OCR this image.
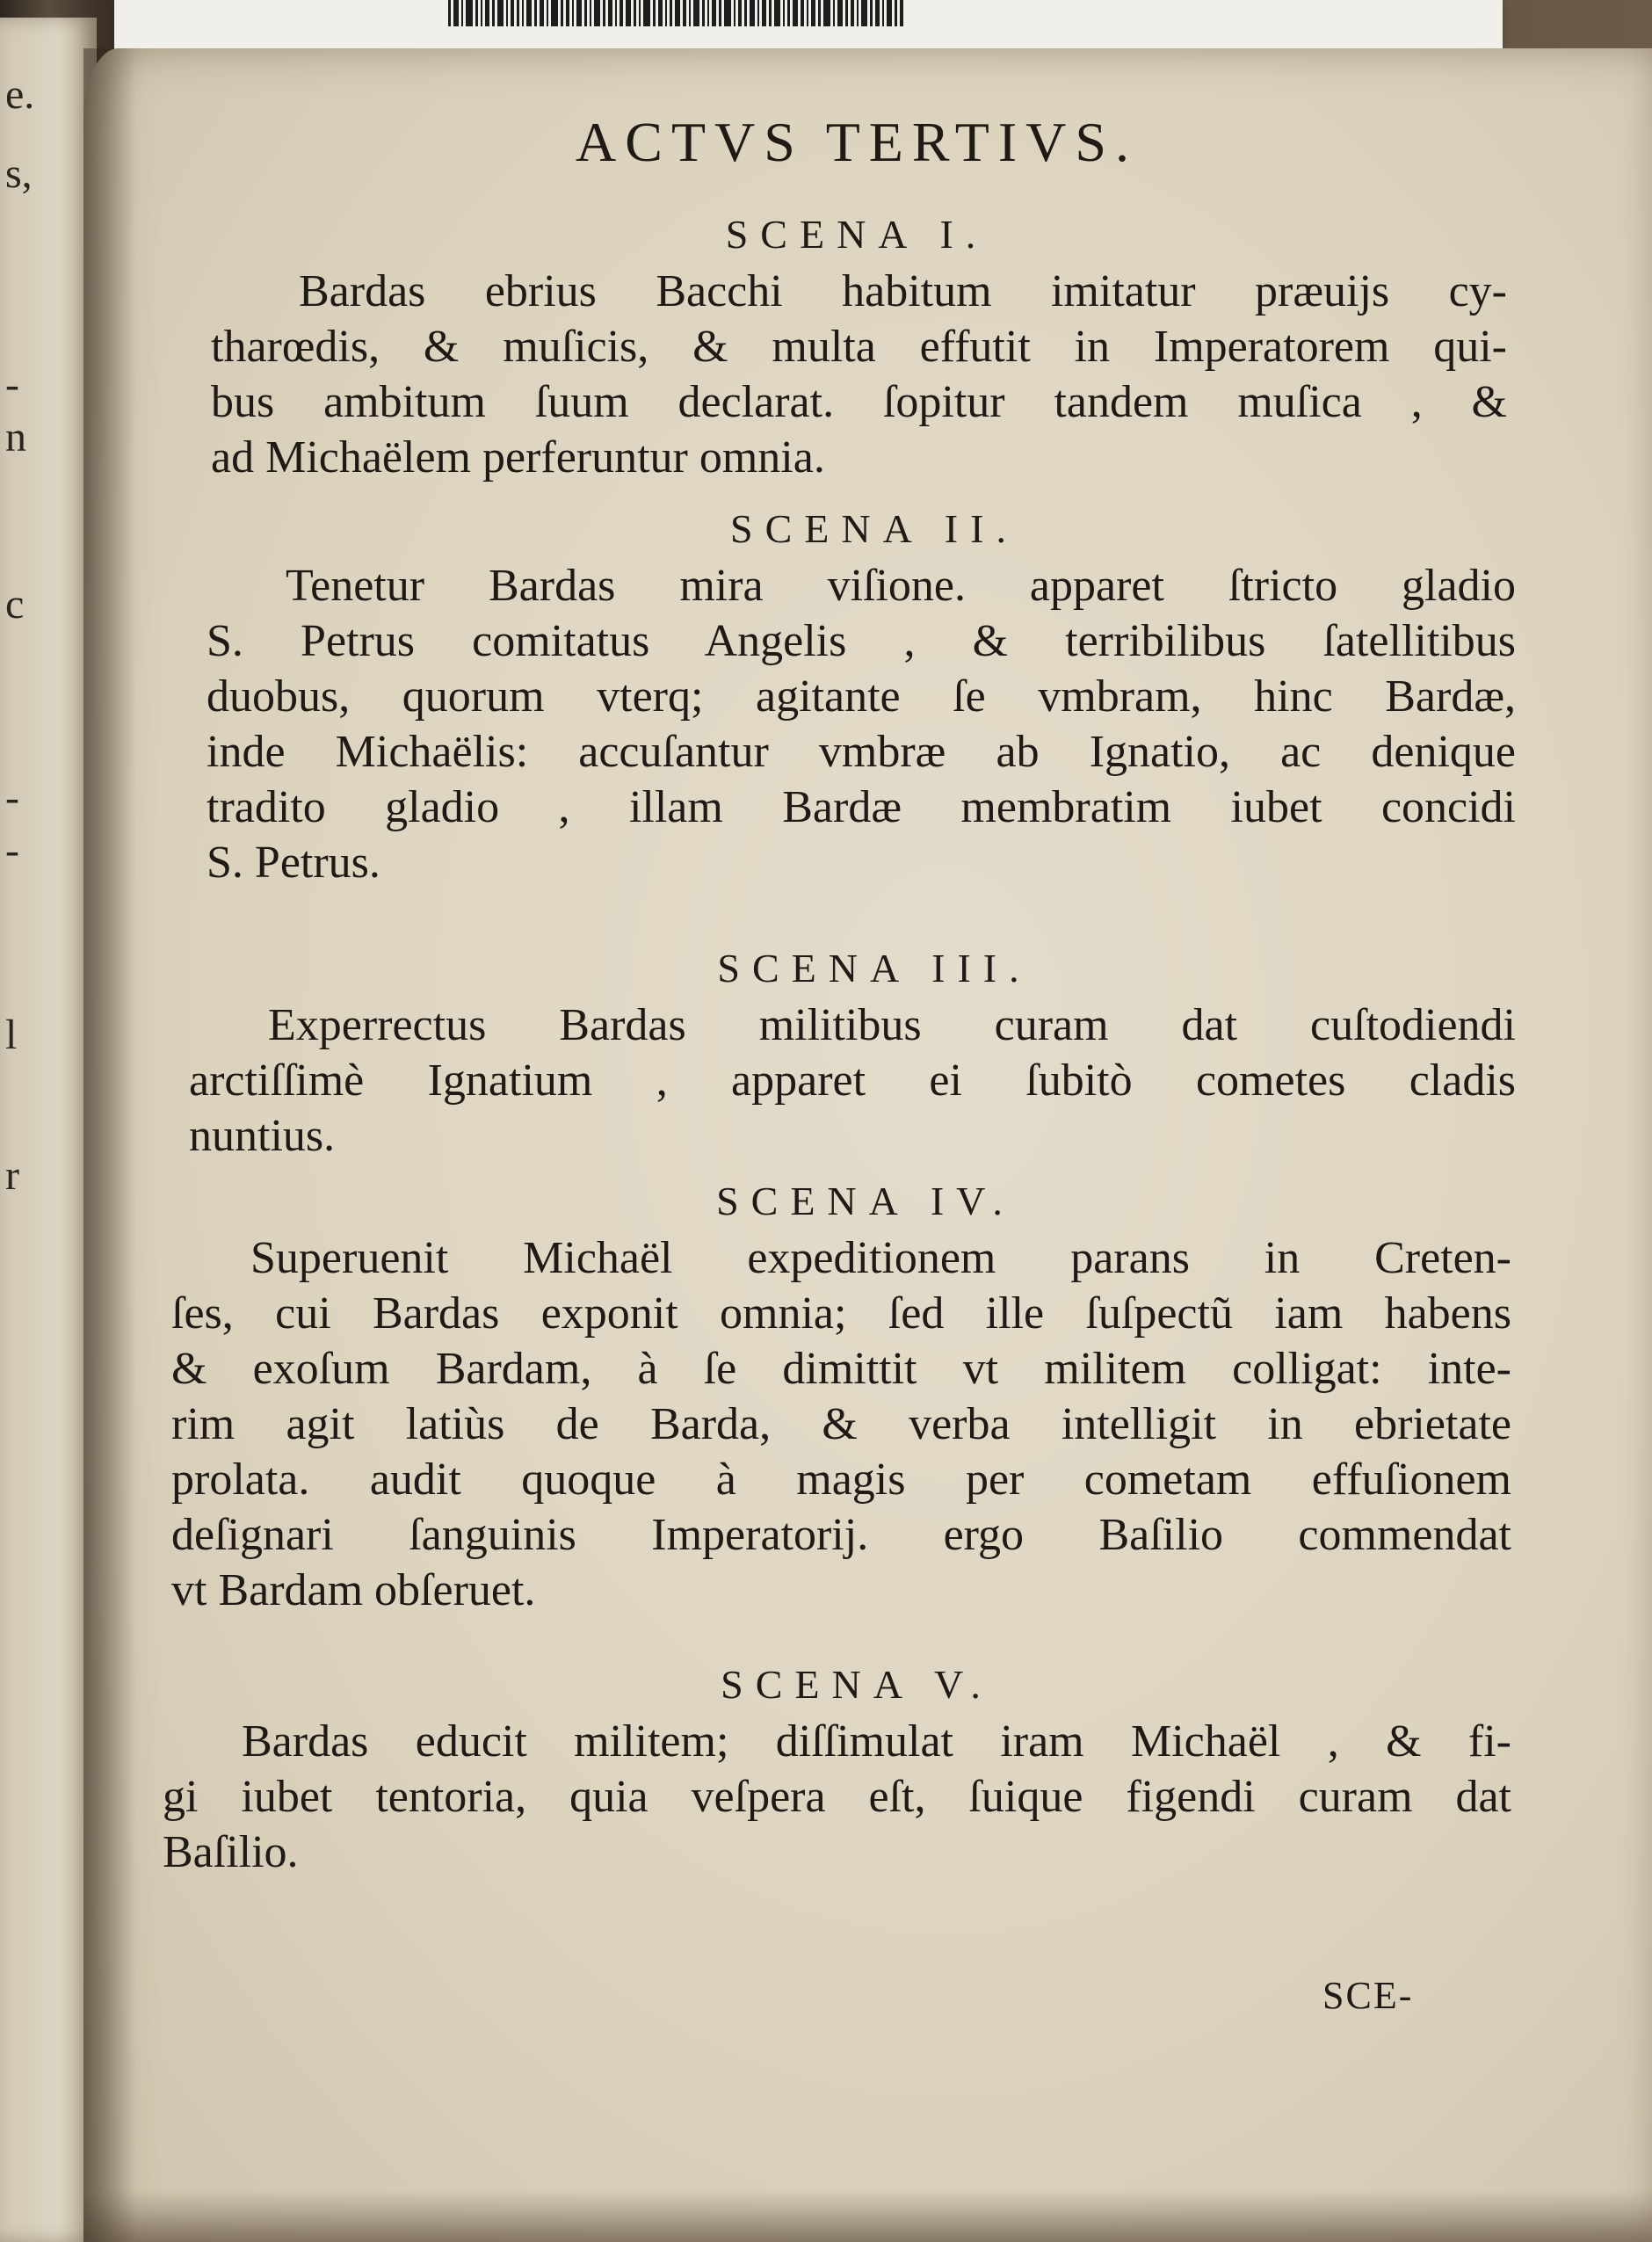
e.
s,
-
n
c
-
-
l
r
ACTVS TERTIVS.
SCENA I.
Bardas ebrius Bacchi habitum imitatur præuijs cy-
tharœdis, & muſicis, & multa effutit in Imperatorem qui-
bus ambitum ſuum declarat. ſopitur tandem muſica , &
ad Michaëlem perferuntur omnia.
SCENA II.
Tenetur Bardas mira viſione. apparet ſtricto gladio
S. Petrus comitatus Angelis , & terribilibus ſatellitibus
duobus, quorum vterq; agitante ſe vmbram, hinc Bardæ,
inde Michaëlis: accuſantur vmbræ ab Ignatio, ac denique
tradito gladio , illam Bardæ membratim iubet concidi
S. Petrus.
SCENA III.
Experrectus Bardas militibus curam dat cuſtodiendi
arctiſſimè Ignatium , apparet ei ſubitò cometes cladis
nuntius.
SCENA IV.
Superuenit Michaël expeditionem parans in Creten-
ſes, cui Bardas exponit omnia; ſed ille ſuſpectũ iam habens
& exoſum Bardam, à ſe dimittit vt militem colligat: inte-
rim agit latiùs de Barda, & verba intelligit in ebrietate
prolata. audit quoque à magis per cometam effuſionem
deſignari ſanguinis Imperatorij. ergo Baſilio commendat
vt Bardam obſeruet.
SCENA V.
Bardas educit militem; diſſimulat iram Michaël , & fi-
gi iubet tentoria, quia veſpera eſt, ſuique figendi curam dat
Baſilio.

SCE-
